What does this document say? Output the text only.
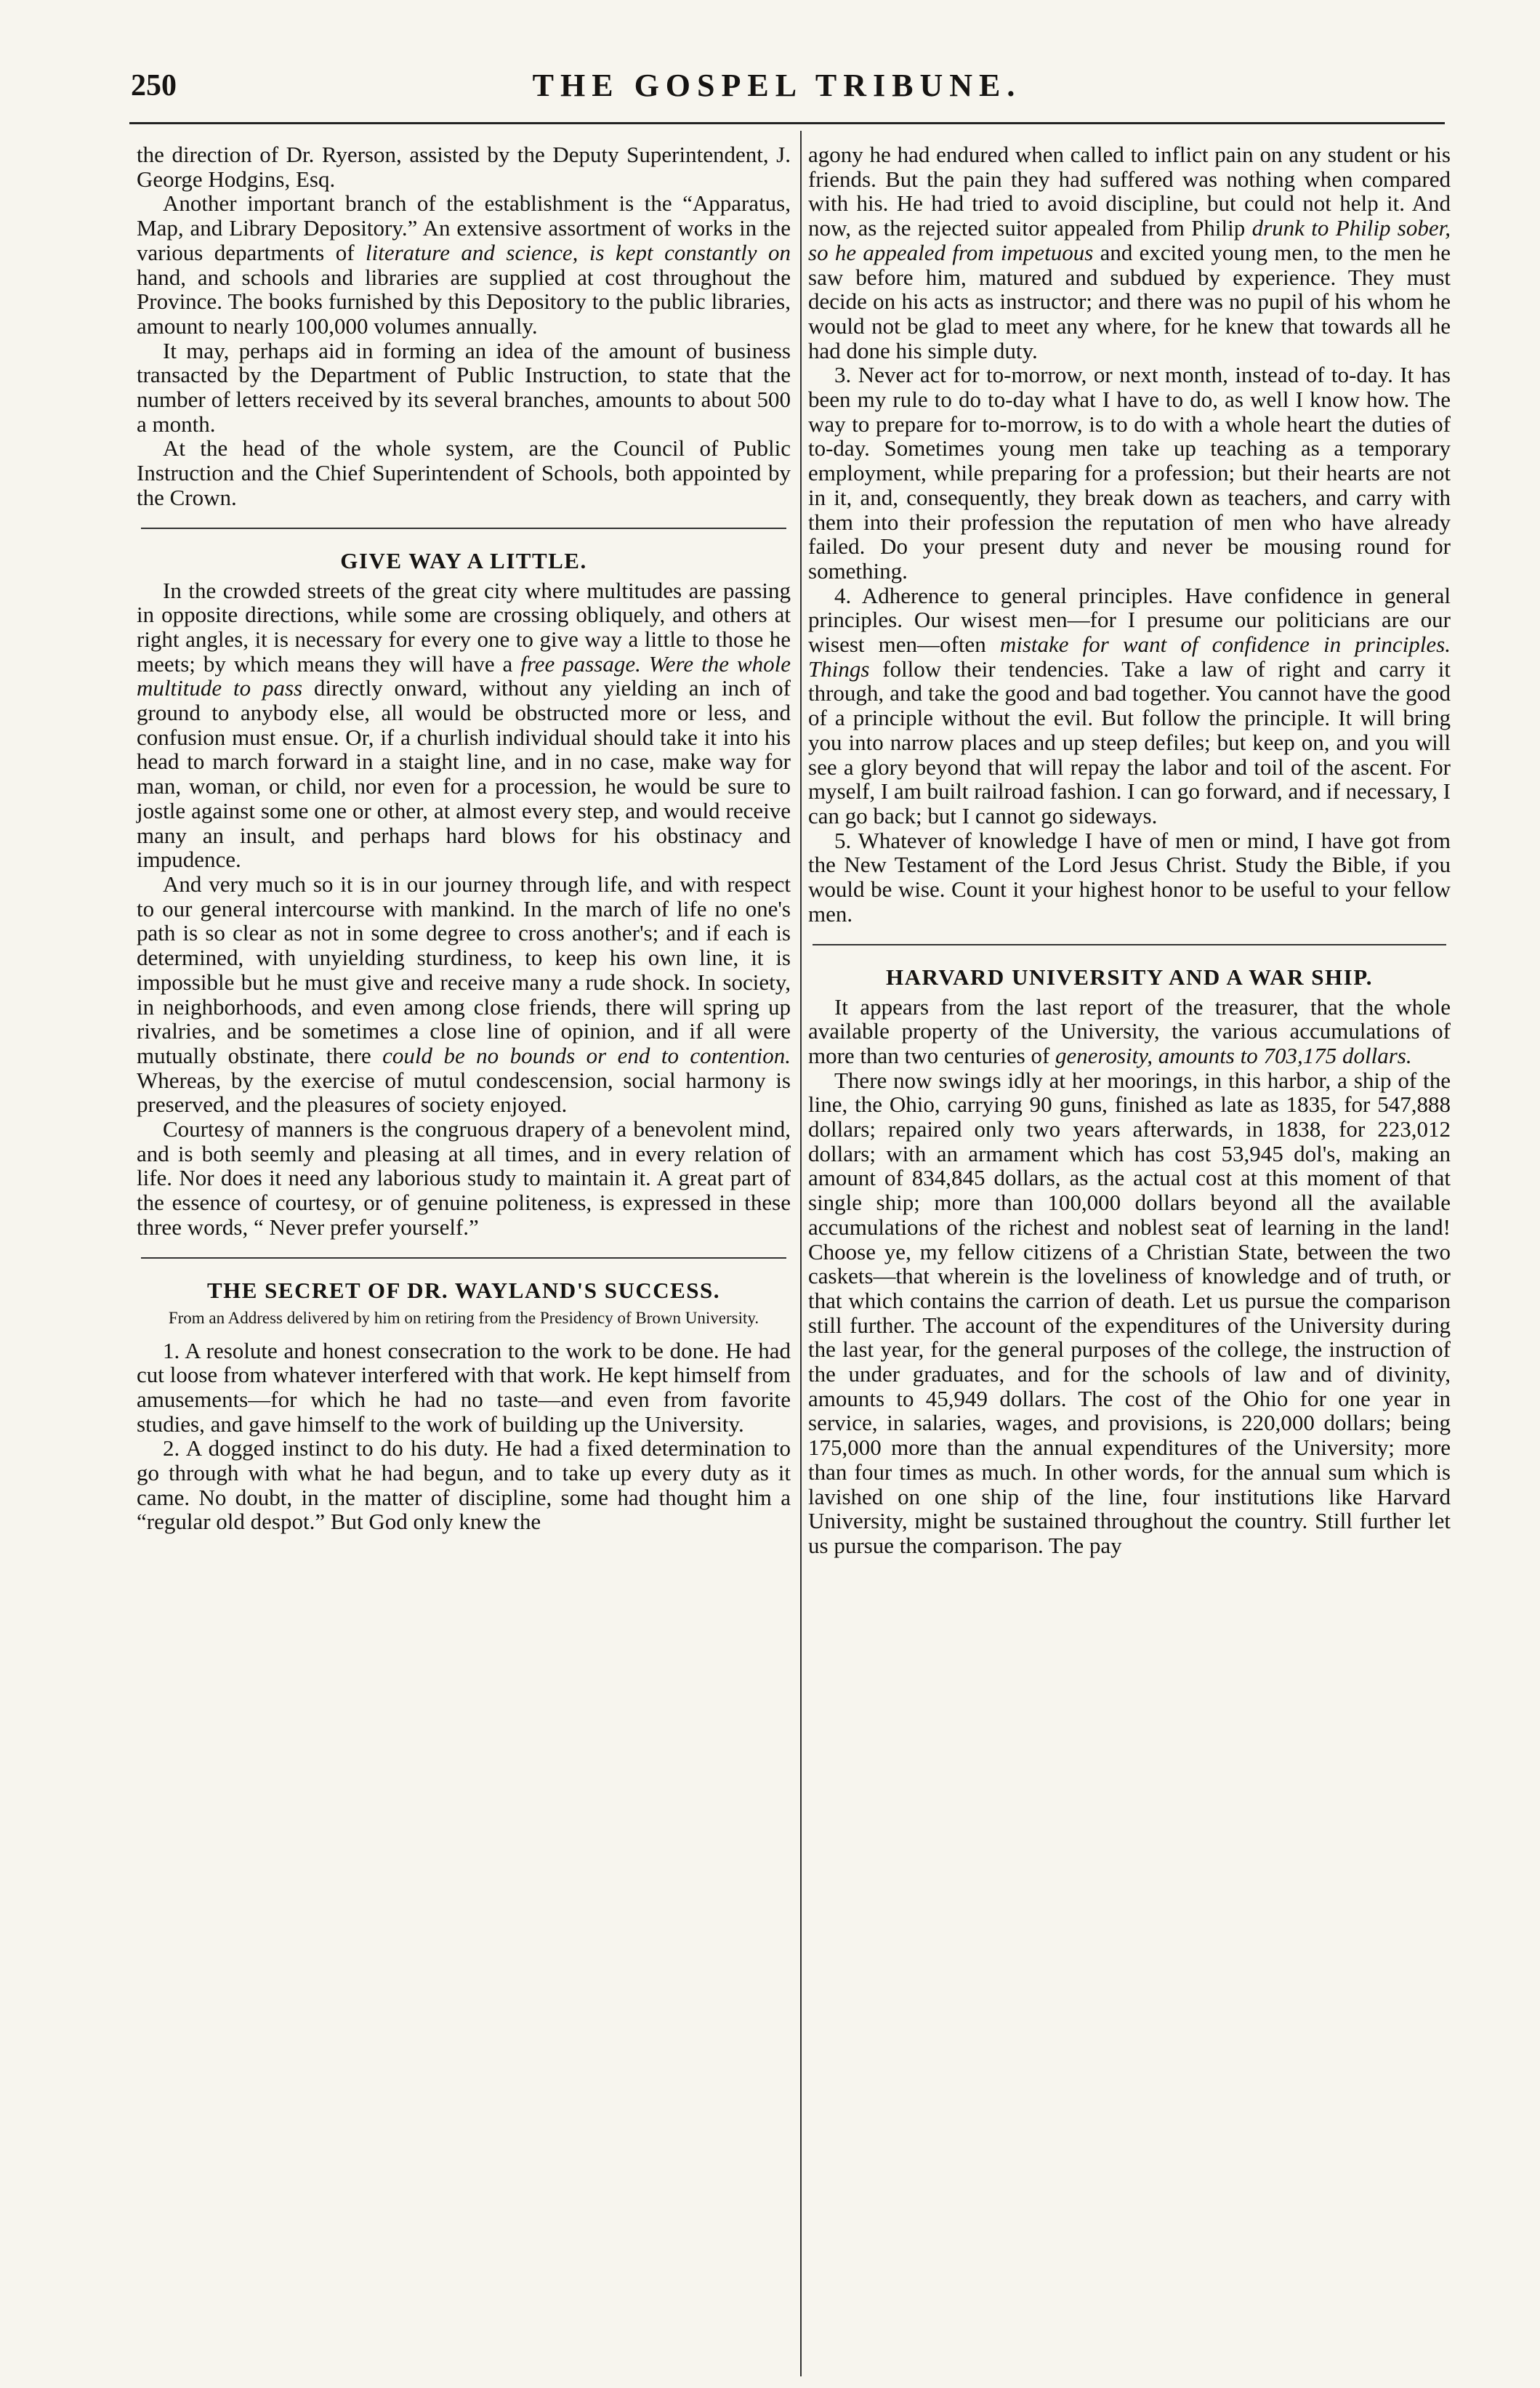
250	THE GOSPEL TRIBUNE.

the direction of Dr. Ryerson, assisted by the Deputy Superintendent, J. George Hodgins, Esq.

Another important branch of the establishment is the “Apparatus, Map, and Library Depository.” An extensive assortment of works in the various departments of literature and science, is kept constantly on hand, and schools and libraries are supplied at cost throughout the Province. The books furnished by this Depository to the public libraries, amount to nearly 100,000 volumes annually.

It may, perhaps aid in forming an idea of the amount of business transacted by the Department of Public Instruction, to state that the number of letters received by its several branches, amounts to about 500 a month.

At the head of the whole system, are the Council of Public Instruction and the Chief Superintendent of Schools, both appointed by the Crown.

GIVE WAY A LITTLE.

In the crowded streets of the great city where multitudes are passing in opposite directions, while some are crossing obliquely, and others at right angles, it is necessary for every one to give way a little to those he meets; by which means they will have a free passage. Were the whole multitude to pass directly onward, without any yielding an inch of ground to anybody else, all would be obstructed more or less, and confusion must ensue. Or, if a churlish individual should take it into his head to march forward in a staight line, and in no case, make way for man, woman, or child, nor even for a procession, he would be sure to jostle against some one or other, at almost every step, and would receive many an insult, and perhaps hard blows for his obstinacy and impudence.

And very much so it is in our journey through life, and with respect to our general intercourse with mankind. In the march of life no one's path is so clear as not in some degree to cross another's; and if each is determined, with unyielding sturdiness, to keep his own line, it is impossible but he must give and receive many a rude shock. In society, in neighborhoods, and even among close friends, there will spring up rivalries, and be sometimes a close line of opinion, and if all were mutually obstinate, there could be no bounds or end to contention. Whereas, by the exercise of mutul condescension, social harmony is preserved, and the pleasures of society enjoyed.

Courtesy of manners is the congruous drapery of a benevolent mind, and is both seemly and pleasing at all times, and in every relation of life. Nor does it need any laborious study to maintain it. A great part of the essence of courtesy, or of genuine politeness, is expressed in these three words, “ Never prefer yourself.”

THE SECRET OF DR. WAYLAND'S SUCCESS.
From an Address delivered by him on retiring from the Presidency of Brown University.

1. A resolute and honest consecration to the work to be done. He had cut loose from whatever interfered with that work. He kept himself from amusements—for which he had no taste—and even from favorite studies, and gave himself to the work of building up the University.

2. A dogged instinct to do his duty. He had a fixed determination to go through with what he had begun, and to take up every duty as it came. No doubt, in the matter of discipline, some had thought him a “regular old despot.” But God only knew the

agony he had endured when called to inflict pain on any student or his friends. But the pain they had suffered was nothing when compared with his. He had tried to avoid discipline, but could not help it. And now, as the rejected suitor appealed from Philip drunk to Philip sober, so he appealed from impetuous and excited young men, to the men he saw before him, matured and subdued by experience. They must decide on his acts as instructor; and there was no pupil of his whom he would not be glad to meet any where, for he knew that towards all he had done his simple duty.

3. Never act for to-morrow, or next month, instead of to-day. It has been my rule to do to-day what I have to do, as well I know how. The way to prepare for to-morrow, is to do with a whole heart the duties of to-day. Sometimes young men take up teaching as a temporary employment, while preparing for a profession; but their hearts are not in it, and, consequently, they break down as teachers, and carry with them into their profession the reputation of men who have already failed. Do your present duty and never be mousing round for something.

4. Adherence to general principles. Have confidence in general principles. Our wisest men—for I presume our politicians are our wisest men—often mistake for want of confidence in principles. Things follow their tendencies. Take a law of right and carry it through, and take the good and bad together. You cannot have the good of a principle without the evil. But follow the principle. It will bring you into narrow places and up steep defiles; but keep on, and you will see a glory beyond that will repay the labor and toil of the ascent. For myself, I am built railroad fashion. I can go forward, and if necessary, I can go back; but I cannot go sideways.

5. Whatever of knowledge I have of men or mind, I have got from the New Testament of the Lord Jesus Christ. Study the Bible, if you would be wise. Count it your highest honor to be useful to your fellow men.

HARVARD UNIVERSITY AND A WAR SHIP.

It appears from the last report of the treasurer, that the whole available property of the University, the various accumulations of more than two centuries of generosity, amounts to 703,175 dollars.

There now swings idly at her moorings, in this harbor, a ship of the line, the Ohio, carrying 90 guns, finished as late as 1835, for 547,888 dollars; repaired only two years afterwards, in 1838, for 223,012 dollars; with an armament which has cost 53,945 dol's, making an amount of 834,845 dollars, as the actual cost at this moment of that single ship; more than 100,000 dollars beyond all the available accumulations of the richest and noblest seat of learning in the land! Choose ye, my fellow citizens of a Christian State, between the two caskets—that wherein is the loveliness of knowledge and of truth, or that which contains the carrion of death. Let us pursue the comparison still further. The account of the expenditures of the University during the last year, for the general purposes of the college, the instruction of the under graduates, and for the schools of law and of divinity, amounts to 45,949 dollars. The cost of the Ohio for one year in service, in salaries, wages, and provisions, is 220,000 dollars; being 175,000 more than the annual expenditures of the University; more than four times as much. In other words, for the annual sum which is lavished on one ship of the line, four institutions like Harvard University, might be sustained throughout the country. Still further let us pursue the comparison. The pay
